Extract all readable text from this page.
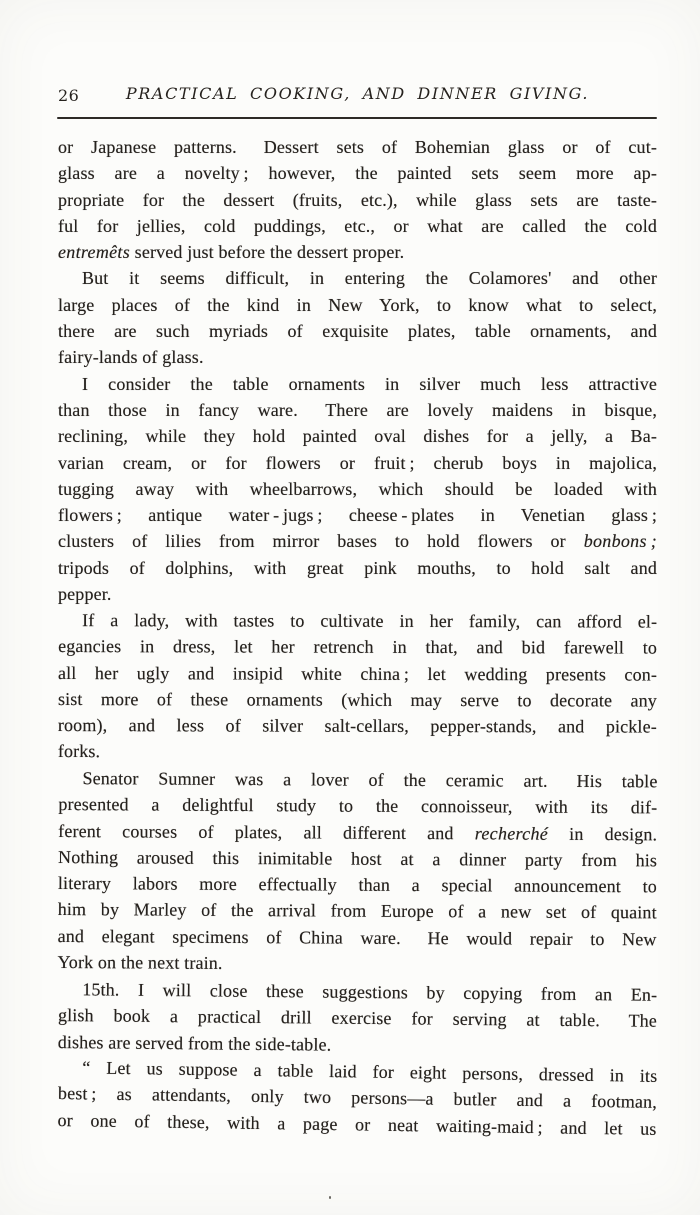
26	PRACTICAL COOKING, AND DINNER GIVING.
or Japanese patterns.  Dessert sets of Bohemian glass or of cut-
glass are a novelty ; however, the painted sets seem more ap-
propriate for the dessert (fruits, etc.), while glass sets are taste-
ful for jellies, cold puddings, etc., or what are called the cold
entremêts served just before the dessert proper.
But it seems difficult, in entering the Colamores' and other
large places of the kind in New York, to know what to select,
there are such myriads of exquisite plates, table ornaments, and
fairy-lands of glass.
I consider the table ornaments in silver much less attractive
than those in fancy ware.  There are lovely maidens in bisque,
reclining, while they hold painted oval dishes for a jelly, a Ba-
varian cream, or for flowers or fruit ; cherub boys in majolica,
tugging away with wheelbarrows, which should be loaded with
flowers ; antique water - jugs ; cheese - plates in Venetian glass ;
clusters of lilies from mirror bases to hold flowers or bonbons ;
tripods of dolphins, with great pink mouths, to hold salt and
pepper.
If a lady, with tastes to cultivate in her family, can afford el-
egancies in dress, let her retrench in that, and bid farewell to
all her ugly and insipid white china ; let wedding presents con-
sist more of these ornaments (which may serve to decorate any
room), and less of silver salt-cellars, pepper-stands, and pickle-
forks.
Senator Sumner was a lover of the ceramic art.  His table
presented a delightful study to the connoisseur, with its dif-
ferent courses of plates, all different and recherché in design.
Nothing aroused this inimitable host at a dinner party from his
literary labors more effectually than a special announcement to
him by Marley of the arrival from Europe of a new set of quaint
and elegant specimens of China ware.  He would repair to New
York on the next train.
15th. I will close these suggestions by copying from an En-
glish book a practical drill exercise for serving at table.  The
dishes are served from the side-table.
“ Let us suppose a table laid for eight persons, dressed in its
best ; as attendants, only two persons—a butler and a footman,
or one of these, with a page or neat waiting-maid ; and let us
